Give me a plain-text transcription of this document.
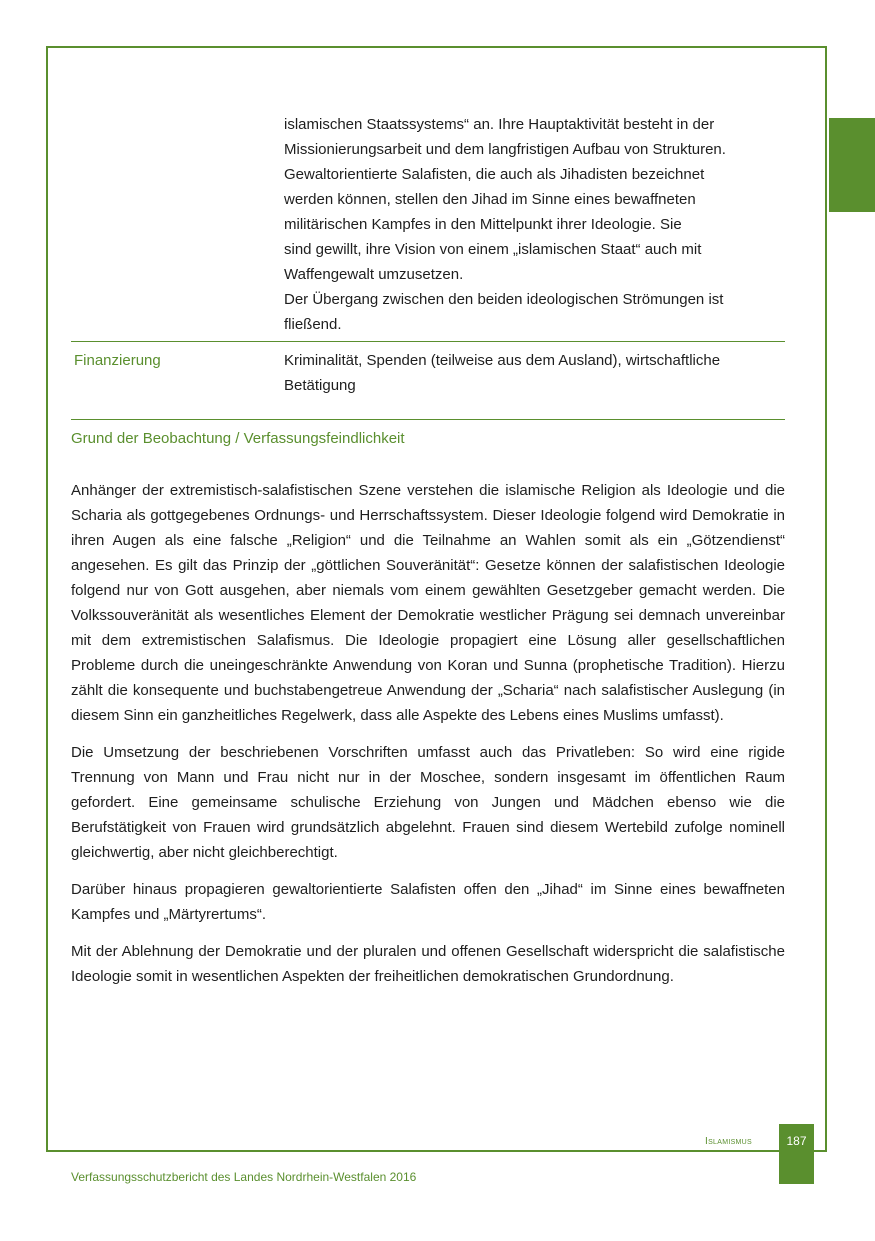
islamischen Staatssystems“ an. Ihre Hauptaktivität besteht in der
Missionierungsarbeit und dem langfristigen Aufbau von Strukturen.
Gewaltorientierte Salafisten, die auch als Jihadisten bezeichnet
werden können, stellen den Jihad im Sinne eines bewaffneten
militärischen Kampfes in den Mittelpunkt ihrer Ideologie. Sie
sind gewillt, ihre Vision von einem „islamischen Staat“ auch mit
Waffengewalt umzusetzen.
Der Übergang zwischen den beiden ideologischen Strömungen ist
fließend.
Finanzierung	Kriminalität, Spenden (teilweise aus dem Ausland), wirtschaftliche
Betätigung
Grund der Beobachtung / Verfassungsfeindlichkeit

Anhänger der extremistisch-salafistischen Szene verstehen die islamische Religion als Ideologie und die Scharia als gottgegebenes Ordnungs- und Herrschaftssystem. Dieser Ideologie folgend wird Demokratie in ihren Augen als eine falsche „Religion“ und die Teilnahme an Wahlen somit als ein „Götzendienst“ angesehen. Es gilt das Prinzip der „göttlichen Souveränität“: Gesetze können der salafistischen Ideologie folgend nur von Gott ausgehen, aber niemals vom einem gewählten Gesetzgeber gemacht werden. Die Volkssouveränität als wesentliches Element der Demokratie westlicher Prägung sei demnach unvereinbar mit dem extremistischen Salafismus. Die Ideologie propagiert eine Lösung aller gesellschaftlichen Probleme durch die uneingeschränkte Anwendung von Koran und Sunna (prophetische Tradition). Hierzu zählt die konsequente und buchstabengetreue Anwendung der „Scharia“ nach salafistischer Auslegung (in diesem Sinn ein ganzheitliches Regelwerk, dass alle Aspekte des Lebens eines Muslims umfasst).

Die Umsetzung der beschriebenen Vorschriften umfasst auch das Privatleben: So wird eine rigide Trennung von Mann und Frau nicht nur in der Moschee, sondern insgesamt im öffentlichen Raum gefordert. Eine gemeinsame schulische Erziehung von Jungen und Mädchen ebenso wie die Berufstätigkeit von Frauen wird grundsätzlich abgelehnt. Frauen sind diesem Wertebild zufolge nominell gleichwertig, aber nicht gleichberechtigt.

Darüber hinaus propagieren gewaltorientierte Salafisten offen den „Jihad“ im Sinne eines bewaffneten Kampfes und „Märtyrertums“.

Mit der Ablehnung der Demokratie und der pluralen und offenen Gesellschaft widerspricht die salafistische Ideologie somit in wesentlichen Aspekten der freiheitlichen demokratischen Grundordnung.

Islamismus	187
Verfassungsschutzbericht des Landes Nordrhein-Westfalen 2016
